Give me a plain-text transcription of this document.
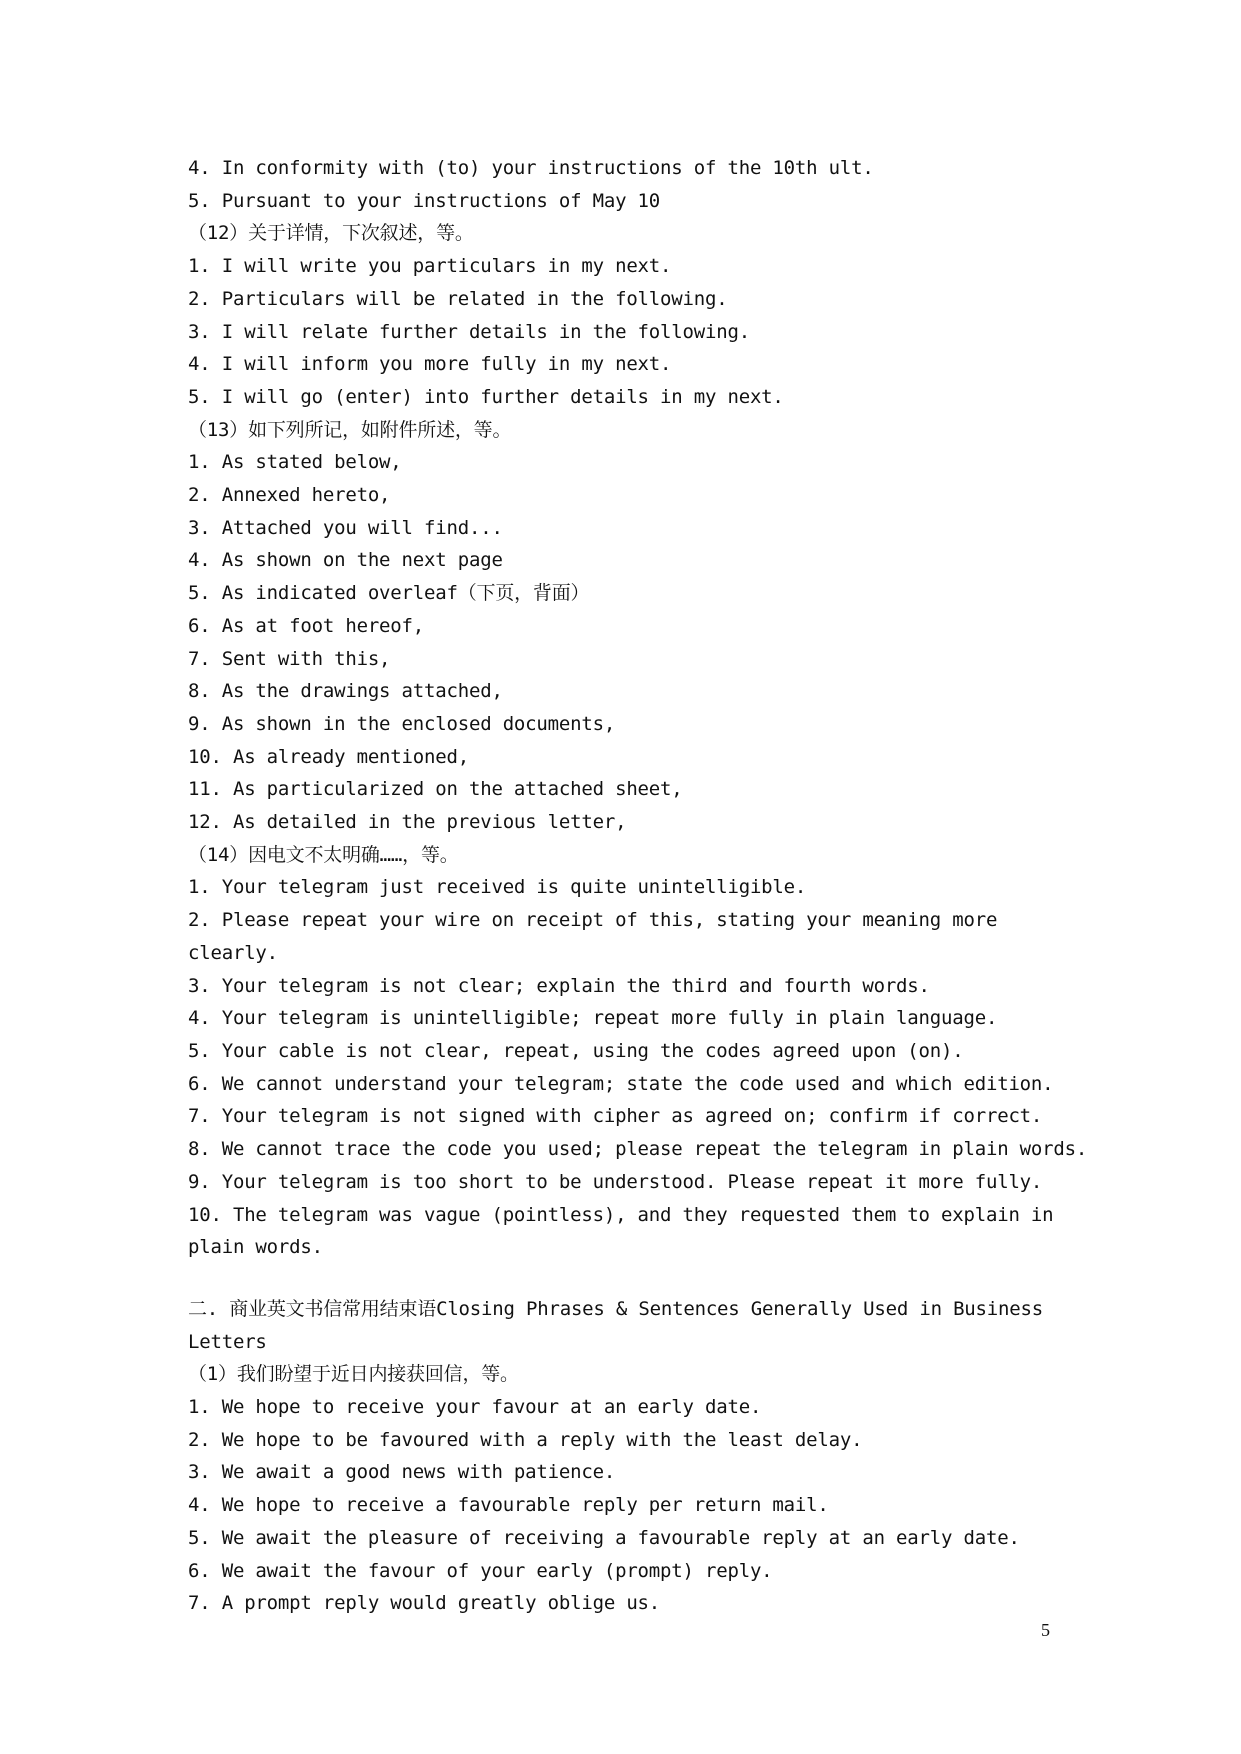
4. In conformity with (to) your instructions of the 10th ult.
5. Pursuant to your instructions of May 10
（12）关于详情，下次叙述，等。
1. I will write you particulars in my next.
2. Particulars will be related in the following.
3. I will relate further details in the following.
4. I will inform you more fully in my next.
5. I will go (enter) into further details in my next.
（13）如下列所记，如附件所述，等。
1. As stated below,
2. Annexed hereto,
3. Attached you will find...
4. As shown on the next page
5. As indicated overleaf（下页，背面）
6. As at foot hereof,
7. Sent with this,
8. As the drawings attached,
9. As shown in the enclosed documents,
10. As already mentioned,
11. As particularized on the attached sheet,
12. As detailed in the previous letter,
（14）因电文不太明确……，等。
1. Your telegram just received is quite unintelligible.
2. Please repeat your wire on receipt of this, stating your meaning more clearly.
3. Your telegram is not clear; explain the third and fourth words.
4. Your telegram is unintelligible; repeat more fully in plain language.
5. Your cable is not clear, repeat, using the codes agreed upon (on).
6. We cannot understand your telegram; state the code used and which edition.
7. Your telegram is not signed with cipher as agreed on; confirm if correct.
8. We cannot trace the code you used; please repeat the telegram in plain words.
9. Your telegram is too short to be understood. Please repeat it more fully.
10. The telegram was vague (pointless), and they requested them to explain in plain words.
二. 商业英文书信常用结束语Closing Phrases & Sentences Generally Used in Business Letters
（1）我们盼望于近日内接获回信，等。
1. We hope to receive your favour at an early date.
2. We hope to be favoured with a reply with the least delay.
3. We await a good news with patience.
4. We hope to receive a favourable reply per return mail.
5. We await the pleasure of receiving a favourable reply at an early date.
6. We await the favour of your early (prompt) reply.
7. A prompt reply would greatly oblige us.
5
